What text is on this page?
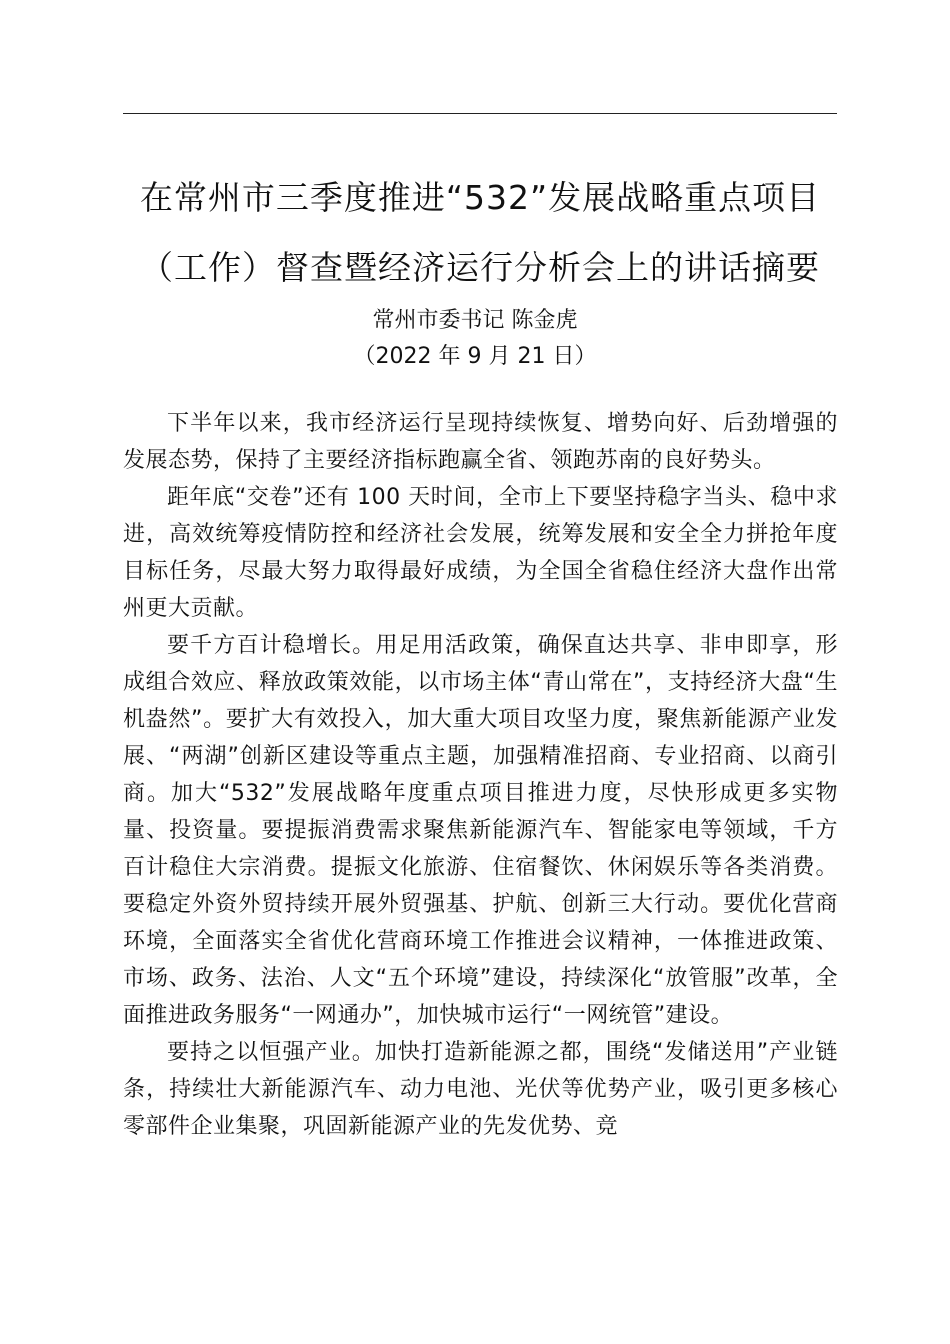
在常州市三季度推进“532”发展战略重点项目
（工作）督查暨经济运行分析会上的讲话摘要
常州市委书记 陈金虎
（2022 年 9 月 21 日）

下半年以来，我市经济运行呈现持续恢复、增势向好、后劲增强的发展态势，保持了主要经济指标跑赢全省、领跑苏南的良好势头。

距年底“交卷”还有 100 天时间，全市上下要坚持稳字当头、稳中求进，高效统筹疫情防控和经济社会发展，统筹发展和安全全力拼抢年度目标任务，尽最大努力取得最好成绩，为全国全省稳住经济大盘作出常州更大贡献。

要千方百计稳增长。用足用活政策，确保直达共享、非申即享，形成组合效应、释放政策效能，以市场主体“青山常在”，支持经济大盘“生机盎然”。要扩大有效投入，加大重大项目攻坚力度，聚焦新能源产业发展、“两湖”创新区建设等重点主题，加强精准招商、专业招商、以商引商。加大“532”发展战略年度重点项目推进力度，尽快形成更多实物量、投资量。要提振消费需求聚焦新能源汽车、智能家电等领域，千方百计稳住大宗消费。提振文化旅游、住宿餐饮、休闲娱乐等各类消费。要稳定外资外贸持续开展外贸强基、护航、创新三大行动。要优化营商环境，全面落实全省优化营商环境工作推进会议精神，一体推进政策、市场、政务、法治、人文“五个环境”建设，持续深化“放管服”改革，全面推进政务服务“一网通办”，加快城市运行“一网统管”建设。

要持之以恒强产业。加快打造新能源之都，围绕“发储送用”产业链条，持续壮大新能源汽车、动力电池、光伏等优势产业，吸引更多核心零部件企业集聚，巩固新能源产业的先发优势、竞
